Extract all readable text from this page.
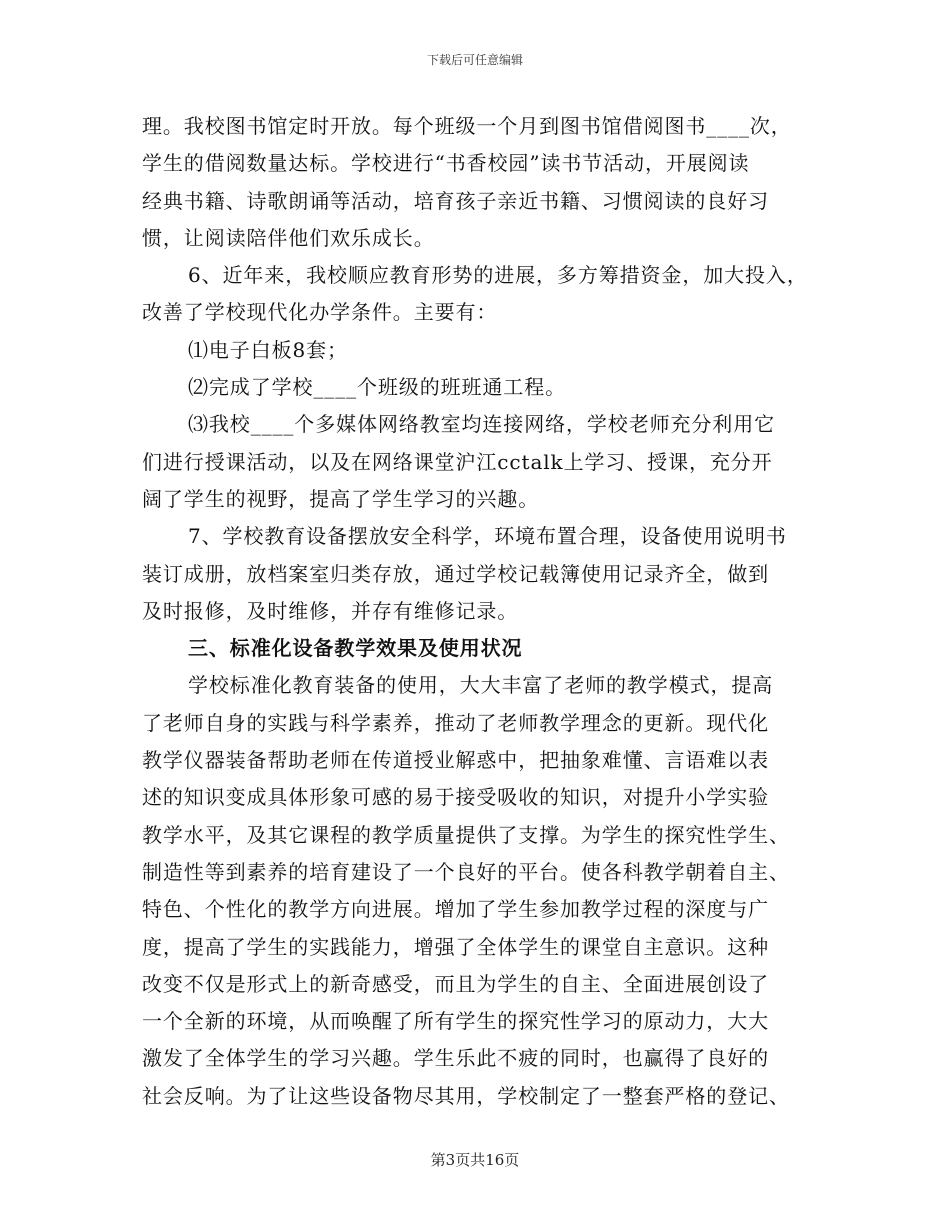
下载后可任意编辑
理。我校图书馆定时开放。每个班级一个月到图书馆借阅图书____次，
学生的借阅数量达标。学校进行“书香校园”读书节活动，开展阅读
经典书籍、诗歌朗诵等活动，培育孩子亲近书籍、习惯阅读的良好习
惯，让阅读陪伴他们欢乐成长。
6、近年来，我校顺应教育形势的进展，多方筹措资金，加大投入，
改善了学校现代化办学条件。主要有：
⑴电子白板8套；
⑵完成了学校____个班级的班班通工程。
⑶我校____个多媒体网络教室均连接网络，学校老师充分利用它
们进行授课活动，以及在网络课堂沪江cctalk上学习、授课，充分开
阔了学生的视野，提高了学生学习的兴趣。
7、学校教育设备摆放安全科学，环境布置合理，设备使用说明书
装订成册，放档案室归类存放，通过学校记载簿使用记录齐全，做到
及时报修，及时维修，并存有维修记录。
三、标准化设备教学效果及使用状况
学校标准化教育装备的使用，大大丰富了老师的教学模式，提高
了老师自身的实践与科学素养，推动了老师教学理念的更新。现代化
教学仪器装备帮助老师在传道授业解惑中，把抽象难懂、言语难以表
述的知识变成具体形象可感的易于接受吸收的知识，对提升小学实验
教学水平，及其它课程的教学质量提供了支撑。为学生的探究性学生、
制造性等到素养的培育建设了一个良好的平台。使各科教学朝着自主、
特色、个性化的教学方向进展。增加了学生参加教学过程的深度与广
度，提高了学生的实践能力，增强了全体学生的课堂自主意识。这种
改变不仅是形式上的新奇感受，而且为学生的自主、全面进展创设了
一个全新的环境，从而唤醒了所有学生的探究性学习的原动力，大大
激发了全体学生的学习兴趣。学生乐此不疲的同时，也赢得了良好的
社会反响。为了让这些设备物尽其用，学校制定了一整套严格的登记、
第3页共16页
